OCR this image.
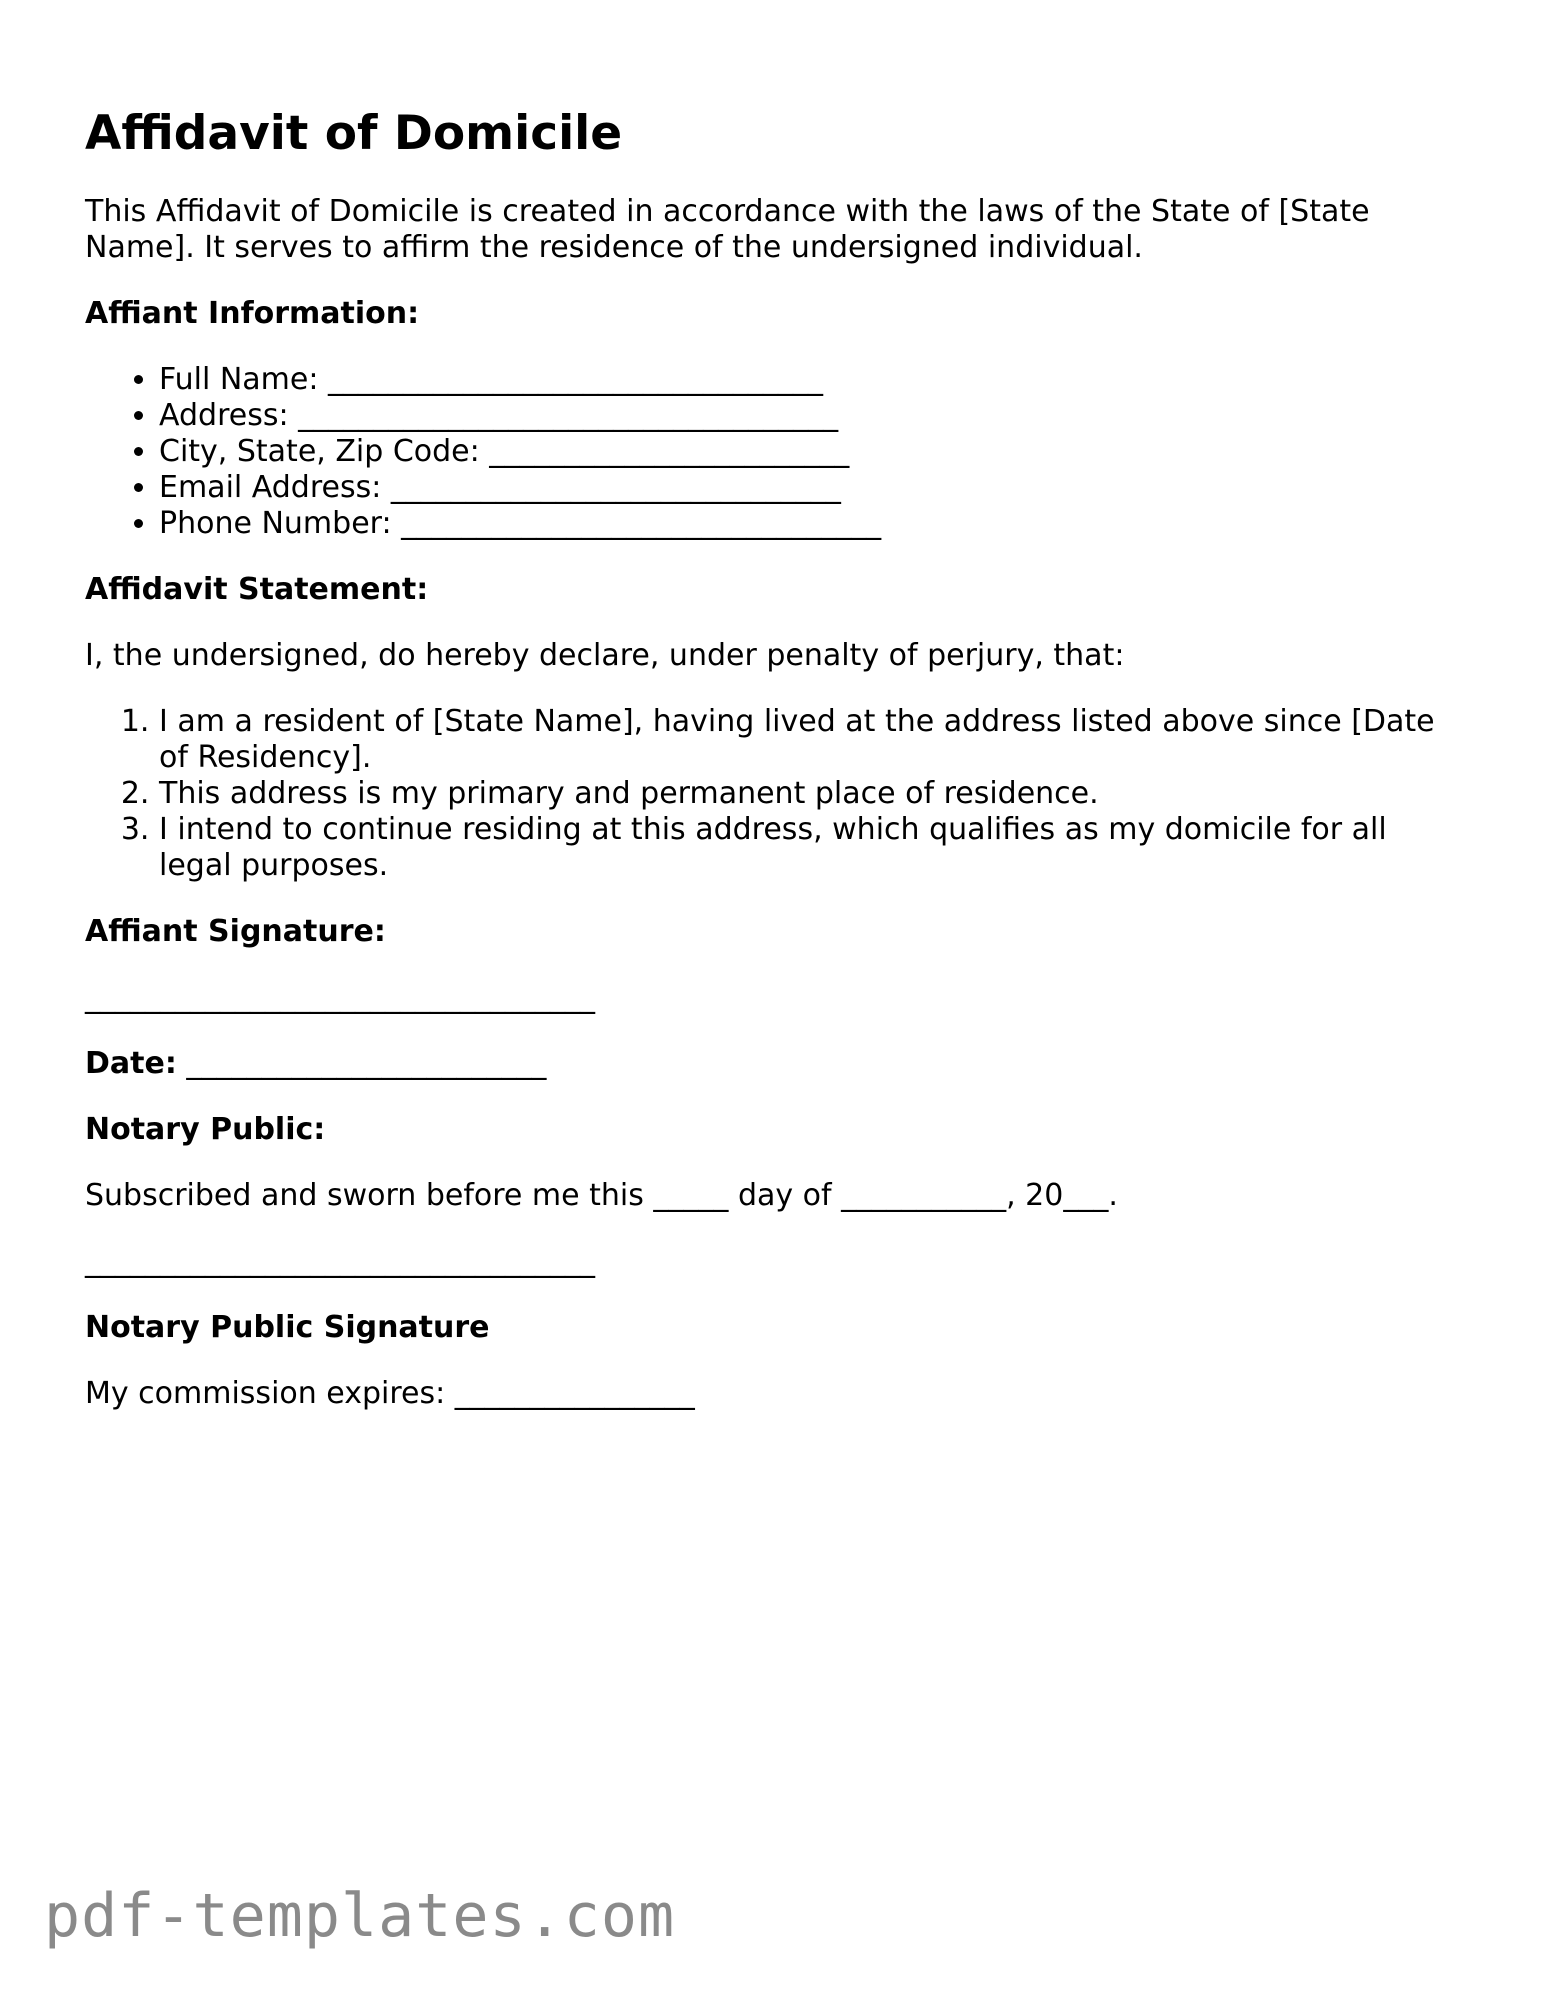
Affidavit of Domicile

This Affidavit of Domicile is created in accordance with the laws of the State of [State Name]. It serves to affirm the residence of the undersigned individual.

Affiant Information:
• Full Name: _________________________________
• Address: ____________________________________
• City, State, Zip Code: ________________________
• Email Address: ______________________________
• Phone Number: ________________________________
Affidavit Statement:

I, the undersigned, do hereby declare, under penalty of perjury, that:

1. I am a resident of [State Name], having lived at the address listed above since [Date of Residency].
2. This address is my primary and permanent place of residence.
3. I intend to continue residing at this address, which qualifies as my domicile for all legal purposes.
Affiant Signature:

__________________________________

Date: ________________________

Notary Public:

Subscribed and sworn before me this _____ day of ___________, 20___.

__________________________________

Notary Public Signature

My commission expires: ________________

pdf-templates.com
